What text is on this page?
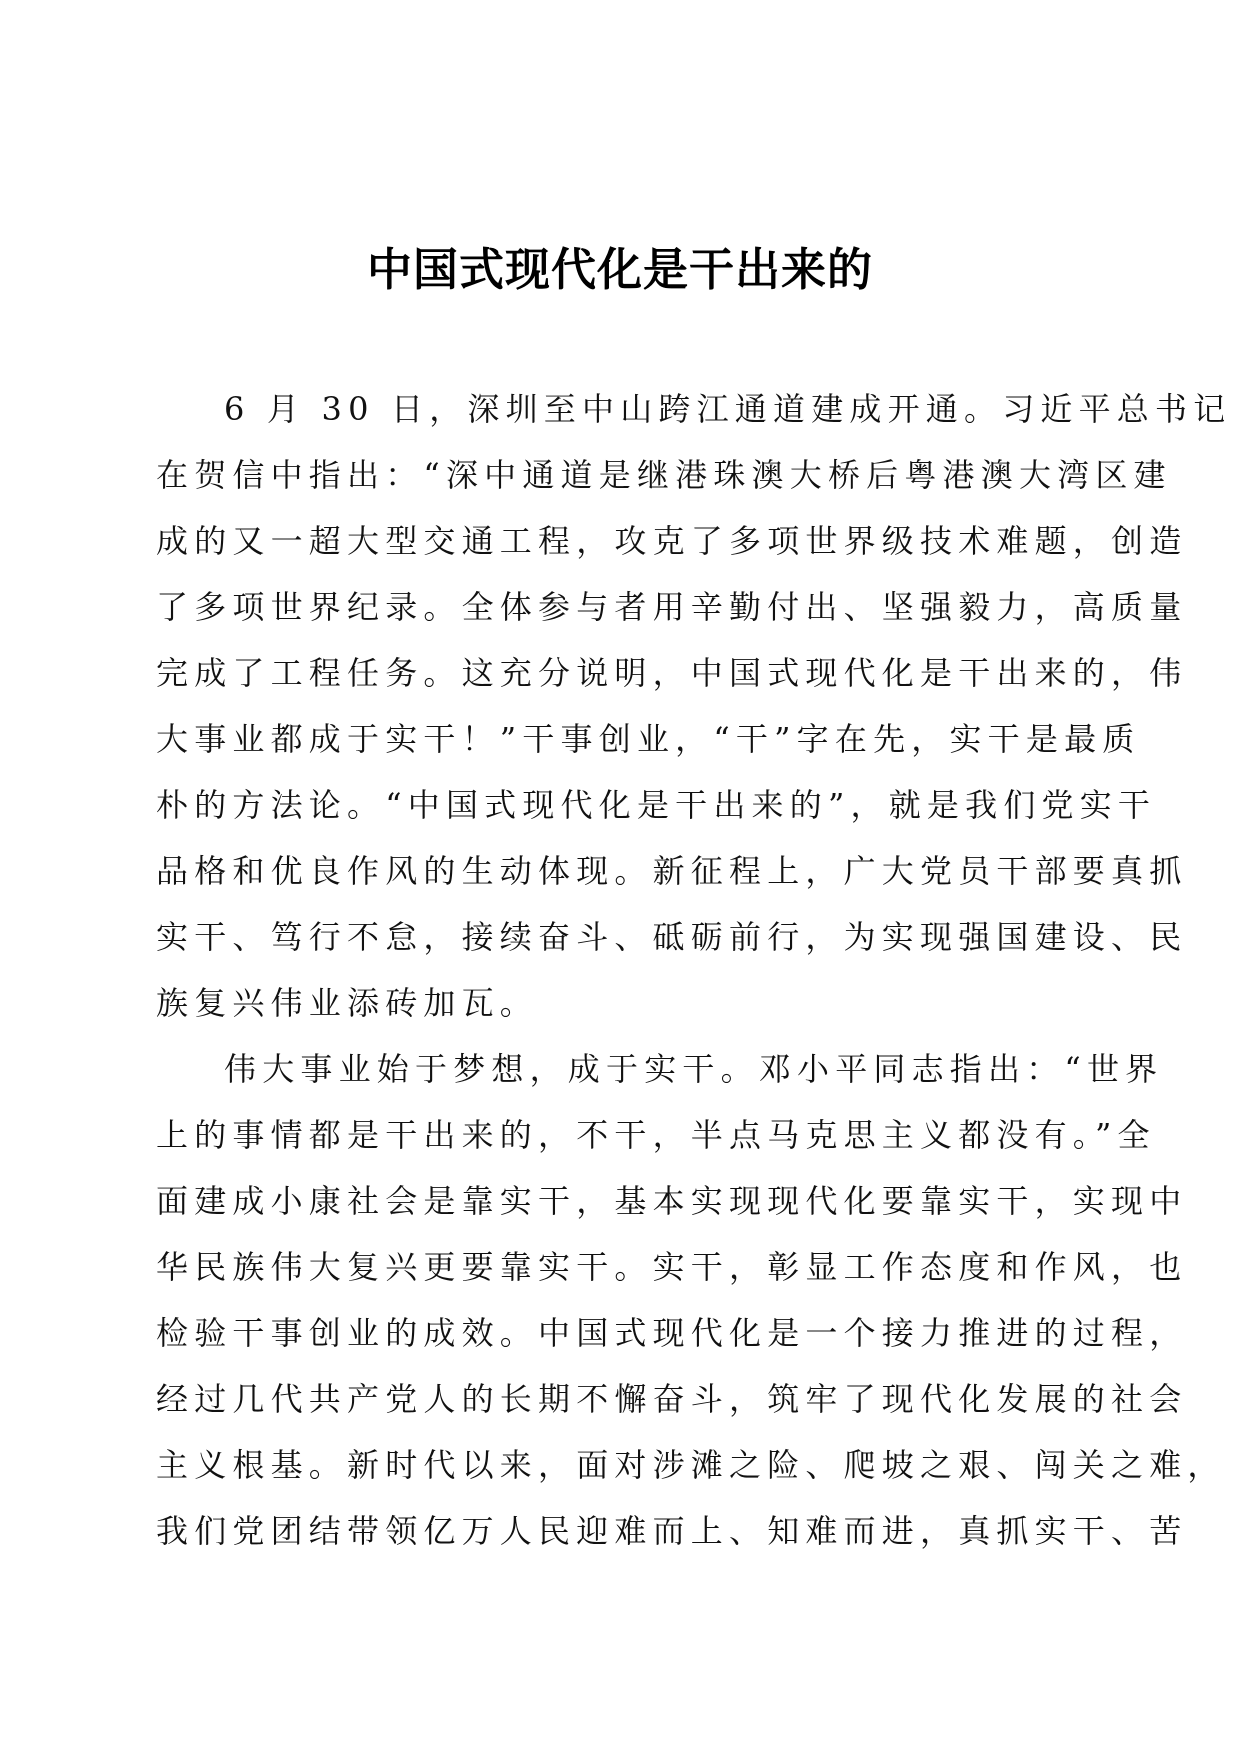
中国式现代化是干出来的
6 月 30 日，深圳至中山跨江通道建成开通。习近平总书记
在贺信中指出：“深中通道是继港珠澳大桥后粤港澳大湾区建
成的又一超大型交通工程，攻克了多项世界级技术难题，创造
了多项世界纪录。全体参与者用辛勤付出、坚强毅力，高质量
完成了工程任务。这充分说明，中国式现代化是干出来的，伟
大事业都成于实干！”干事创业，“干”字在先，实干是最质
朴的方法论。“中国式现代化是干出来的”，就是我们党实干
品格和优良作风的生动体现。新征程上，广大党员干部要真抓
实干、笃行不怠，接续奋斗、砥砺前行，为实现强国建设、民
族复兴伟业添砖加瓦。
伟大事业始于梦想，成于实干。邓小平同志指出：“世界
上的事情都是干出来的，不干，半点马克思主义都没有。”全
面建成小康社会是靠实干，基本实现现代化要靠实干，实现中
华民族伟大复兴更要靠实干。实干，彰显工作态度和作风，也
检验干事创业的成效。中国式现代化是一个接力推进的过程，
经过几代共产党人的长期不懈奋斗，筑牢了现代化发展的社会
主义根基。新时代以来，面对涉滩之险、爬坡之艰、闯关之难，
我们党团结带领亿万人民迎难而上、知难而进，真抓实干、苦
